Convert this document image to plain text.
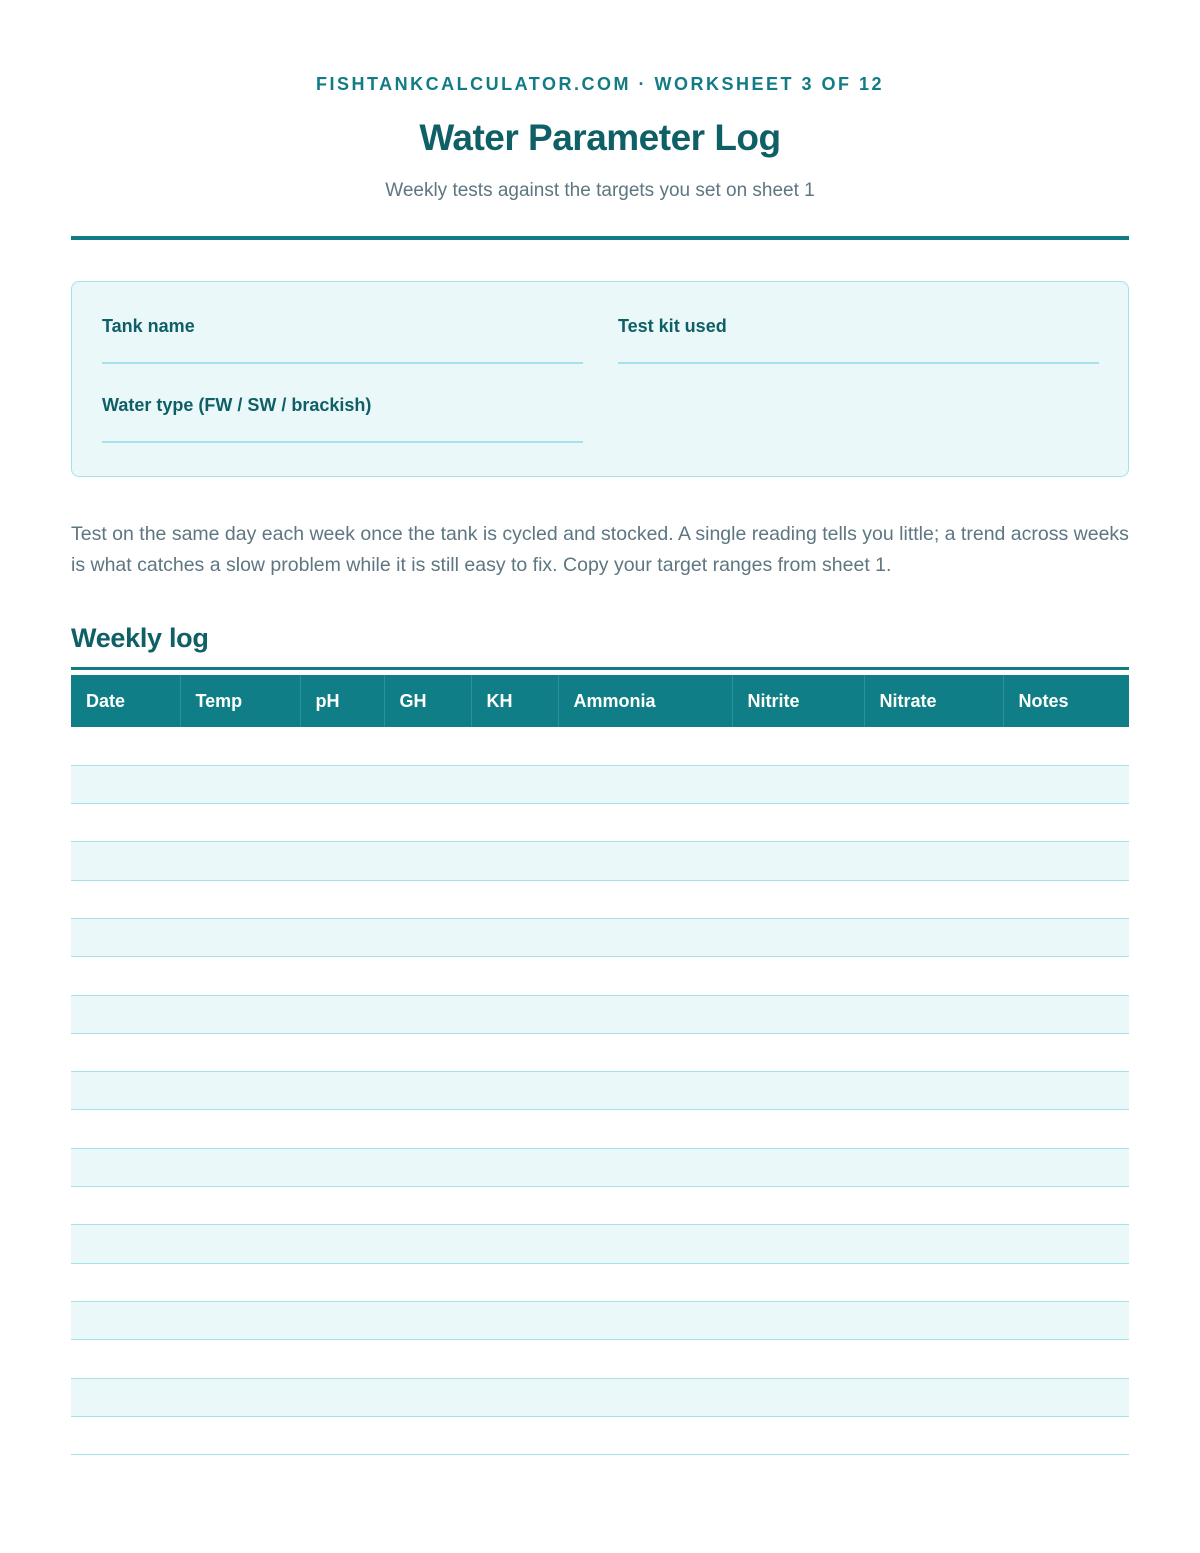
FISHTANKCALCULATOR.COM · WORKSHEET 3 OF 12

Water Parameter Log

Weekly tests against the targets you set on sheet 1

Tank name	Test kit used
Water type (FW / SW / brackish)

Test on the same day each week once the tank is cycled and stocked. A single reading tells you little; a trend across weeks is what catches a slow problem while it is still easy to fix. Copy your target ranges from sheet 1.

Weekly log
Date	Temp	pH	GH	KH	Ammonia	Nitrite	Nitrate	Notes
